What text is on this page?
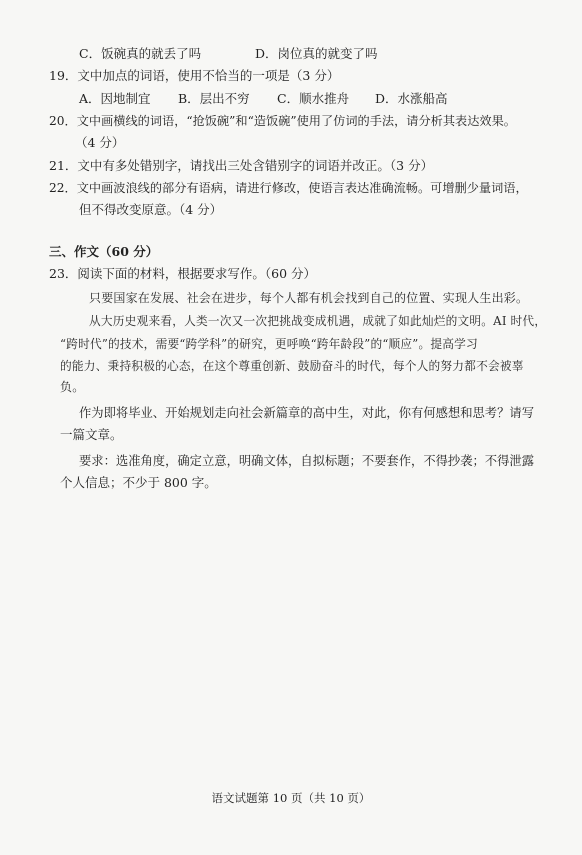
C．饭碗真的就丢了吗	D．岗位真的就变了吗
19．文中加点的词语，使用不恰当的一项是（3 分）
A．因地制宜 B．层出不穷 C．顺水推舟 D．水涨船高
20．文中画横线的词语，“抢饭碗”和“造饭碗”使用了仿词的手法，请分析其表达效果。
（4 分）
21．文中有多处错别字，请找出三处含错别字的词语并改正。（3 分）
22．文中画波浪线的部分有语病，请进行修改，使语言表达准确流畅。可增删少量词语，
但不得改变原意。（4 分）
三、作文（60 分）
23．阅读下面的材料，根据要求写作。（60 分）
只要国家在发展、社会在进步，每个人都有机会找到自己的位置、实现人生出彩。
从大历史观来看，人类一次又一次把挑战变成机遇，成就了如此灿烂的文明。AI 时代，
“跨时代”的技术，需要“跨学科”的研究，更呼唤“跨年龄段”的“顺应”。提高学习
的能力、秉持积极的心态，在这个尊重创新、鼓励奋斗的时代，每个人的努力都不会被辜
负。
作为即将毕业、开始规划走向社会新篇章的高中生，对此，你有何感想和思考？请写
一篇文章。
要求：选准角度，确定立意，明确文体，自拟标题；不要套作，不得抄袭；不得泄露
个人信息；不少于 800 字。
语文试题第 10 页（共 10 页）
